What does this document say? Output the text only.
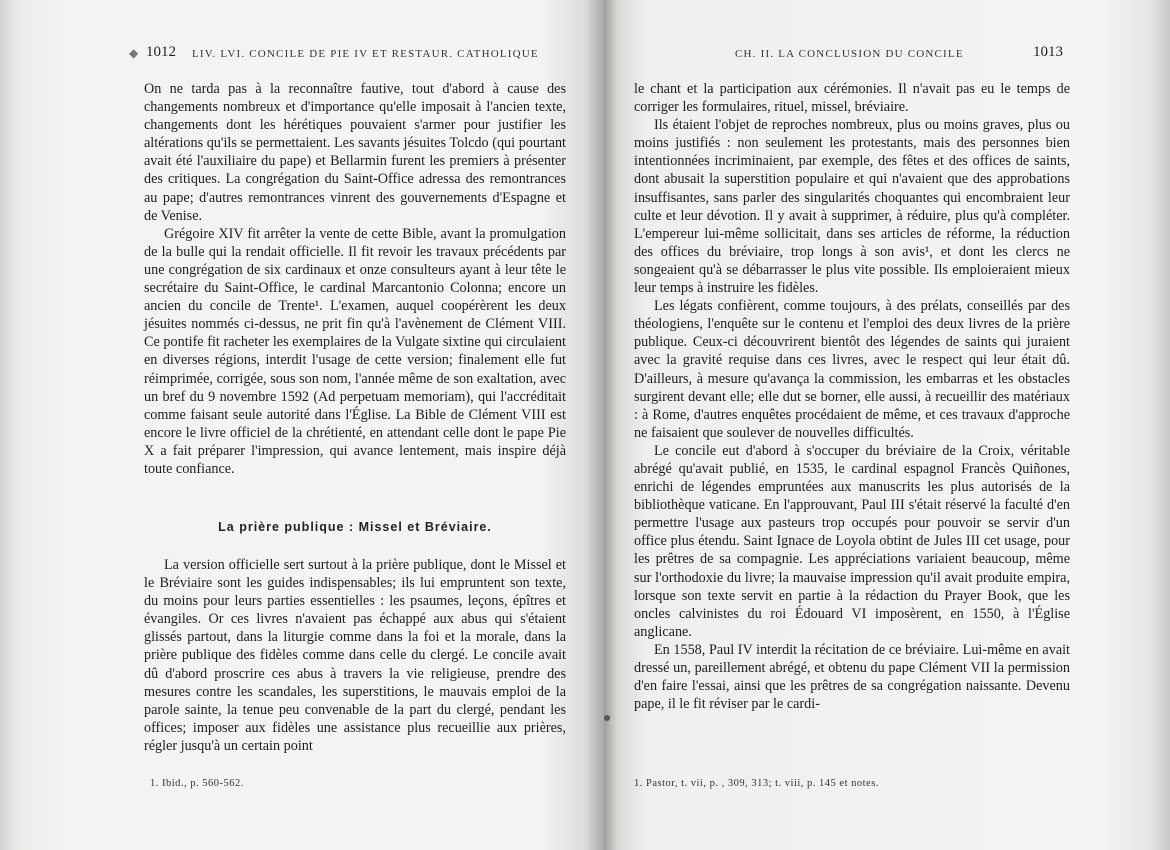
◆ 1012 LIV. LVI. CONCILE DE PIE IV ET RESTAUR. CATHOLIQUE

On ne tarda pas à la reconnaître fautive, tout d'abord à cause des changements nombreux et d'importance qu'elle imposait à l'ancien texte, changements dont les hérétiques pouvaient s'armer pour justifier les altérations qu'ils se permettaient. Les savants jésuites Tolcdo (qui pourtant avait été l'auxiliaire du pape) et Bellarmin furent les premiers à présenter des critiques. La congrégation du Saint-Office adressa des remontrances au pape; d'autres remontrances vinrent des gouvernements d'Espagne et de Venise.

Grégoire XIV fit arrêter la vente de cette Bible, avant la promulgation de la bulle qui la rendait officielle. Il fit revoir les travaux précédents par une congrégation de six cardinaux et onze consulteurs ayant à leur tête le secrétaire du Saint-Office, le cardinal Marcantonio Colonna; encore un ancien du concile de Trente¹. L'examen, auquel coopérèrent les deux jésuites nommés ci-dessus, ne prit fin qu'à l'avènement de Clément VIII. Ce pontife fit racheter les exemplaires de la Vulgate sixtine qui circulaient en diverses régions, interdit l'usage de cette version; finalement elle fut réimprimée, corrigée, sous son nom, l'année même de son exaltation, avec un bref du 9 novembre 1592 (Ad perpetuam memoriam), qui l'accréditait comme faisant seule autorité dans l'Église. La Bible de Clément VIII est encore le livre officiel de la chrétienté, en attendant celle dont le pape Pie X a fait préparer l'impression, qui avance lentement, mais inspire déjà toute confiance.

La prière publique : Missel et Bréviaire.

La version officielle sert surtout à la prière publique, dont le Missel et le Bréviaire sont les guides indispensables; ils lui empruntent son texte, du moins pour leurs parties essentielles : les psaumes, leçons, épîtres et évangiles. Or ces livres n'avaient pas échappé aux abus qui s'étaient glissés partout, dans la liturgie comme dans la foi et la morale, dans la prière publique des fidèles comme dans celle du clergé. Le concile avait dû d'abord proscrire ces abus à travers la vie religieuse, prendre des mesures contre les scandales, les superstitions, le mauvais emploi de la parole sainte, la tenue peu convenable de la part du clergé, pendant les offices; imposer aux fidèles une assistance plus recueillie aux prières, régler jusqu'à un certain point

1. Ibid., p. 560-562.
CH. II. LA CONCLUSION DU CONCILE	1013

le chant et la participation aux cérémonies. Il n'avait pas eu le temps de corriger les formulaires, rituel, missel, bréviaire.

Ils étaient l'objet de reproches nombreux, plus ou moins graves, plus ou moins justifiés : non seulement les protestants, mais des personnes bien intentionnées incriminaient, par exemple, des fêtes et des offices de saints, dont abusait la superstition populaire et qui n'avaient que des approbations insuffisantes, sans parler des singularités choquantes qui encombraient leur culte et leur dévotion. Il y avait à supprimer, à réduire, plus qu'à compléter. L'empereur lui-même sollicitait, dans ses articles de réforme, la réduction des offices du bréviaire, trop longs à son avis¹, et dont les clercs ne songeaient qu'à se débarrasser le plus vite possible. Ils emploieraient mieux leur temps à instruire les fidèles.

Les légats confièrent, comme toujours, à des prélats, conseillés par des théologiens, l'enquête sur le contenu et l'emploi des deux livres de la prière publique. Ceux-ci découvrirent bientôt des légendes de saints qui juraient avec la gravité requise dans ces livres, avec le respect qui leur était dû. D'ailleurs, à mesure qu'avança la commission, les embarras et les obstacles surgirent devant elle; elle dut se borner, elle aussi, à recueillir des matériaux : à Rome, d'autres enquêtes procédaient de même, et ces travaux d'approche ne faisaient que soulever de nouvelles difficultés.

Le concile eut d'abord à s'occuper du bréviaire de la Croix, véritable abrégé qu'avait publié, en 1535, le cardinal espagnol Francès Quiñones, enrichi de légendes empruntées aux manuscrits les plus autorisés de la bibliothèque vaticane. En l'approuvant, Paul III s'était réservé la faculté d'en permettre l'usage aux pasteurs trop occupés pour pouvoir se servir d'un office plus étendu. Saint Ignace de Loyola obtint de Jules III cet usage, pour les prêtres de sa compagnie. Les appréciations variaient beaucoup, même sur l'orthodoxie du livre; la mauvaise impression qu'il avait produite empira, lorsque son texte servit en partie à la rédaction du Prayer Book, que les oncles calvinistes du roi Édouard VI imposèrent, en 1550, à l'Église anglicane.

En 1558, Paul IV interdit la récitation de ce bréviaire. Lui-même en avait dressé un, pareillement abrégé, et obtenu du pape Clément VII la permission d'en faire l'essai, ainsi que les prêtres de sa congrégation naissante. Devenu pape, il le fit réviser par le cardi-

1. Pastor, t. vii, p. , 309, 313; t. viii, p. 145 et notes.
